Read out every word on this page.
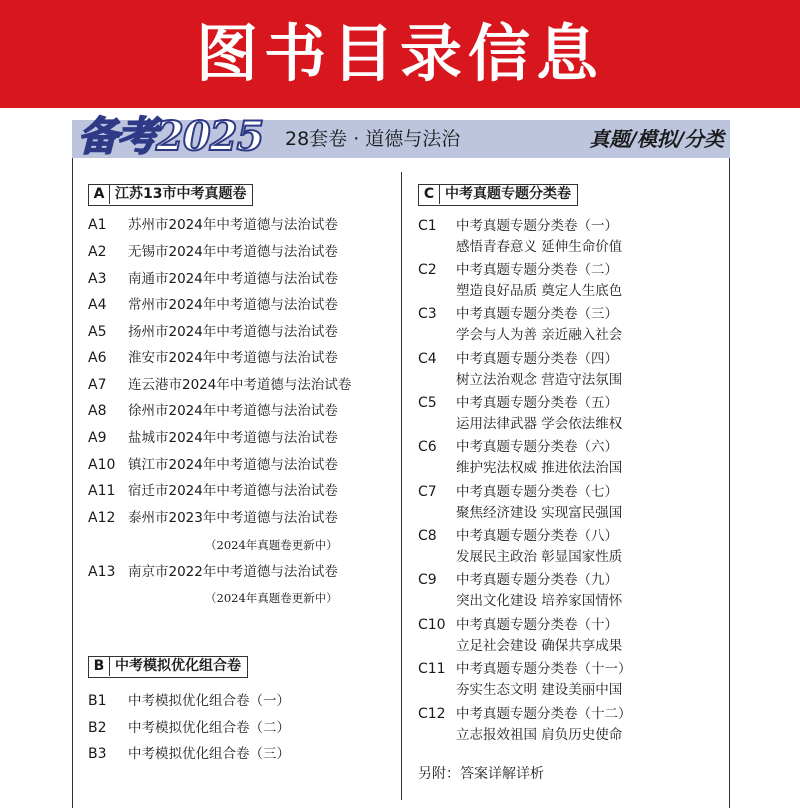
图书目录信息
备考2025 28套卷 · 道德与法治	真题/模拟/分类
A 江苏13市中考真题卷
A1 苏州市2024年中考道德与法治试卷
A2 无锡市2024年中考道德与法治试卷
A3 南通市2024年中考道德与法治试卷
A4 常州市2024年中考道德与法治试卷
A5 扬州市2024年中考道德与法治试卷
A6 淮安市2024年中考道德与法治试卷
A7 连云港市2024年中考道德与法治试卷
A8 徐州市2024年中考道德与法治试卷
A9 盐城市2024年中考道德与法治试卷
A10 镇江市2024年中考道德与法治试卷
A11 宿迁市2024年中考道德与法治试卷
A12 泰州市2023年中考道德与法治试卷
（2024年真题卷更新中）
A13 南京市2022年中考道德与法治试卷
（2024年真题卷更新中）
B 中考模拟优化组合卷
B1 中考模拟优化组合卷（一）
B2 中考模拟优化组合卷（二）
B3 中考模拟优化组合卷（三）
C 中考真题专题分类卷
C1 中考真题专题分类卷（一）
感悟青春意义 延伸生命价值
C2 中考真题专题分类卷（二）
塑造良好品质 奠定人生底色
C3 中考真题专题分类卷（三）
学会与人为善 亲近融入社会
C4 中考真题专题分类卷（四）
树立法治观念 营造守法氛围
C5 中考真题专题分类卷（五）
运用法律武器 学会依法维权
C6 中考真题专题分类卷（六）
维护宪法权威 推进依法治国
C7 中考真题专题分类卷（七）
聚焦经济建设 实现富民强国
C8 中考真题专题分类卷（八）
发展民主政治 彰显国家性质
C9 中考真题专题分类卷（九）
突出文化建设 培养家国情怀
C10 中考真题专题分类卷（十）
立足社会建设 确保共享成果
C11 中考真题专题分类卷（十一）
夯实生态文明 建设美丽中国
C12 中考真题专题分类卷（十二）
立志报效祖国 肩负历史使命
另附：答案详解详析
